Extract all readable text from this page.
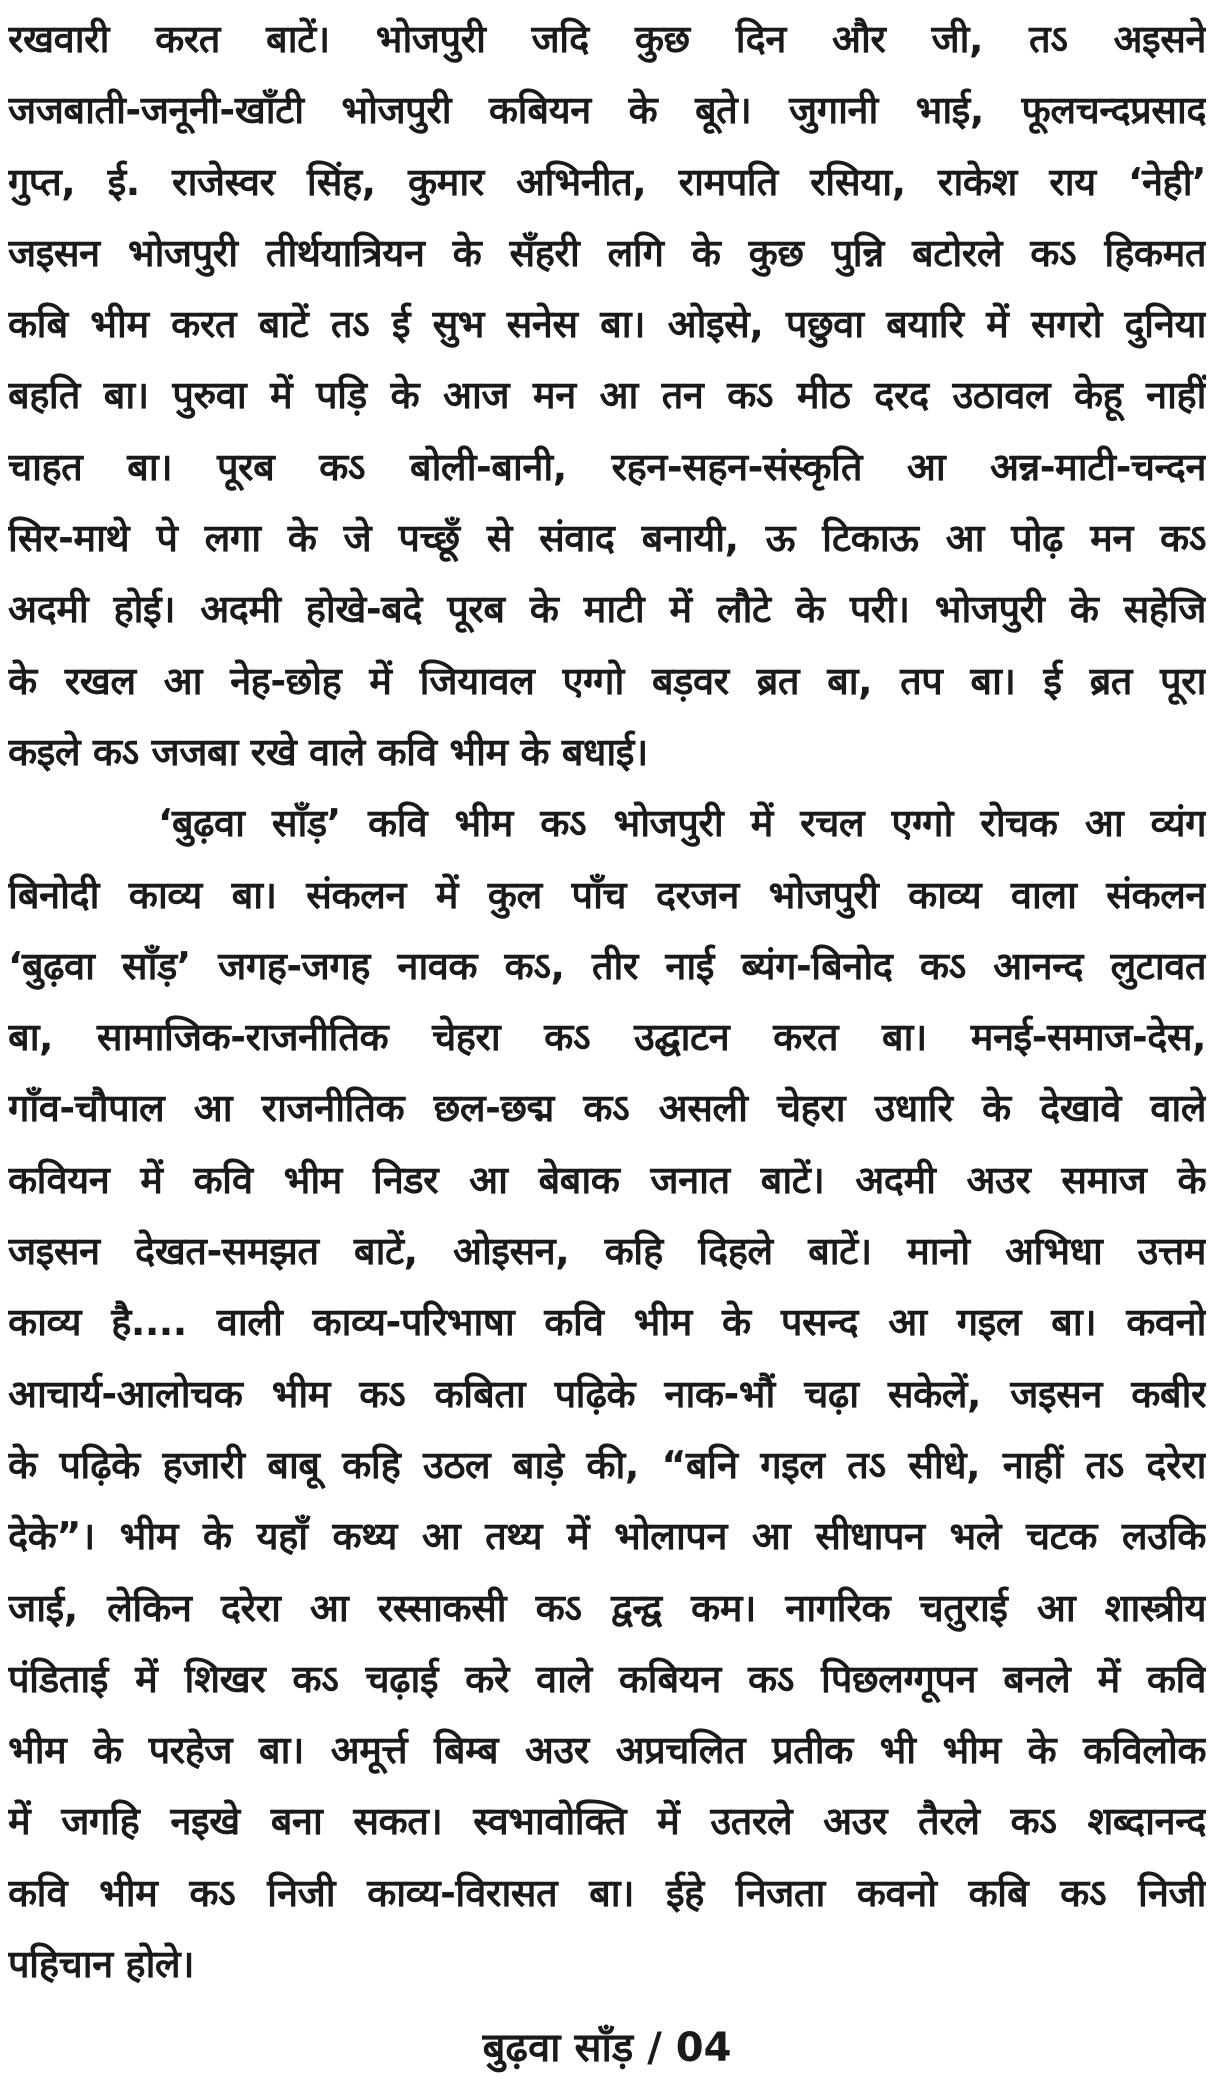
रखवारी करत बाटें। भोजपुरी जदि कुछ दिन और जी, तऽ अइसने
जजबाती-जनूनी-खाँटी भोजपुरी कबियन के बूते। जुगानी भाई, फूलचन्दप्रसाद
गुप्त, ई. राजेस्वर सिंह, कुमार अभिनीत, रामपति रसिया, राकेश राय ‘नेही’
जइसन भोजपुरी तीर्थयात्रियन के सँहरी लगि के कुछ पुन्नि बटोरले कऽ हिकमत
कबि भीम करत बाटें तऽ ई सुभ सनेस बा। ओइसे, पछुवा बयारि में सगरो दुनिया
बहति बा। पुरुवा में पड़ि के आज मन आ तन कऽ मीठ दरद उठावल केहू नाहीं
चाहत बा। पूरब कऽ बोली-बानी, रहन-सहन-संस्कृति आ अन्न-माटी-चन्दन
सिर-माथे पे लगा के जे पच्छूँ से संवाद बनायी, ऊ टिकाऊ आ पोढ़ मन कऽ
अदमी होई। अदमी होखे-बदे पूरब के माटी में लौटे के परी। भोजपुरी के सहेजि
के रखल आ नेह-छोह में जियावल एग्गो बड़वर ब्रत बा, तप बा। ई ब्रत पूरा
कइले कऽ जजबा रखे वाले कवि भीम के बधाई।
‘बुढ़वा साँड़’ कवि भीम कऽ भोजपुरी में रचल एग्गो रोचक आ व्यंग
बिनोदी काव्य बा। संकलन में कुल पाँच दरजन भोजपुरी काव्य वाला संकलन
‘बुढ़वा साँड़’ जगह-जगह नावक कऽ, तीर नाई ब्यंग-बिनोद कऽ आनन्द लुटावत
बा, सामाजिक-राजनीतिक चेहरा कऽ उद्घाटन करत बा। मनई-समाज-देस,
गाँव-चौपाल आ राजनीतिक छल-छद्म कऽ असली चेहरा उधारि के देखावे वाले
कवियन में कवि भीम निडर आ बेबाक जनात बाटें। अदमी अउर समाज के
जइसन देखत-समझत बाटें, ओइसन, कहि दिहले बाटें। मानो अभिधा उत्तम
काव्य है.... वाली काव्य-परिभाषा कवि भीम के पसन्द आ गइल बा। कवनो
आचार्य-आलोचक भीम कऽ कबिता पढ़िके नाक-भौं चढ़ा सकेलें, जइसन कबीर
के पढ़िके हजारी बाबू कहि उठल बाड़े की, “बनि गइल तऽ सीधे, नाहीं तऽ दरेरा
देके”। भीम के यहाँ कथ्य आ तथ्य में भोलापन आ सीधापन भले चटक लउकि
जाई, लेकिन दरेरा आ रस्साकसी कऽ द्वन्द्व कम। नागरिक चतुराई आ शास्त्रीय
पंडिताई में शिखर कऽ चढ़ाई करे वाले कबियन कऽ पिछलग्गूपन बनले में कवि
भीम के परहेज बा। अमूर्त्त बिम्ब अउर अप्रचलित प्रतीक भी भीम के कविलोक
में जगहि नइखे बना सकत। स्वभावोक्ति में उतरले अउर तैरले कऽ शब्दानन्द
कवि भीम कऽ निजी काव्य-विरासत बा। ईहे निजता कवनो कबि कऽ निजी
पहिचान होले।
बुढ़वा साँड़ / 04
